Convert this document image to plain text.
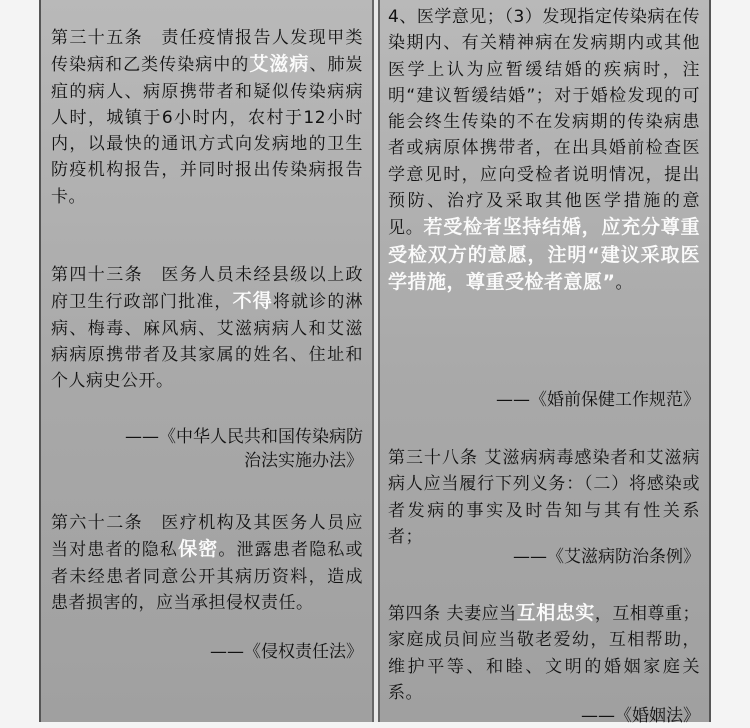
第三十五条　责任疫情报告人发现甲类传染病和乙类传染病中的艾滋病、肺炭疽的病人、病原携带者和疑似传染病病人时，城镇于6小时内，农村于12小时内，以最快的通讯方式向发病地的卫生防疫机构报告，并同时报出传染病报告卡。

第四十三条　医务人员未经县级以上政府卫生行政部门批准，不得将就诊的淋病、梅毒、麻风病、艾滋病病人和艾滋病病原携带者及其家属的姓名、住址和个人病史公开。

——《中华人民共和国传染病防
治法实施办法》

第六十二条　医疗机构及其医务人员应当对患者的隐私保密。泄露患者隐私或者未经患者同意公开其病历资料，造成患者损害的，应当承担侵权责任。

——《侵权责任法》

4、医学意见；（3）发现指定传染病在传染期内、有关精神病在发病期内或其他医学上认为应暂缓结婚的疾病时，注明“建议暂缓结婚”；对于婚检发现的可能会终生传染的不在发病期的传染病患者或病原体携带者，在出具婚前检查医学意见时，应向受检者说明情况，提出预防、治疗及采取其他医学措施的意见。若受检者坚持结婚，应充分尊重受检双方的意愿，注明“建议采取医学措施，尊重受检者意愿”。

——《婚前保健工作规范》

第三十八条 艾滋病病毒感染者和艾滋病病人应当履行下列义务：（二）将感染或者发病的事实及时告知与其有性关系者；

——《艾滋病防治条例》

第四条 夫妻应当互相忠实，互相尊重；家庭成员间应当敬老爱幼，互相帮助，维护平等、和睦、文明的婚姻家庭关系。

——《婚姻法》
